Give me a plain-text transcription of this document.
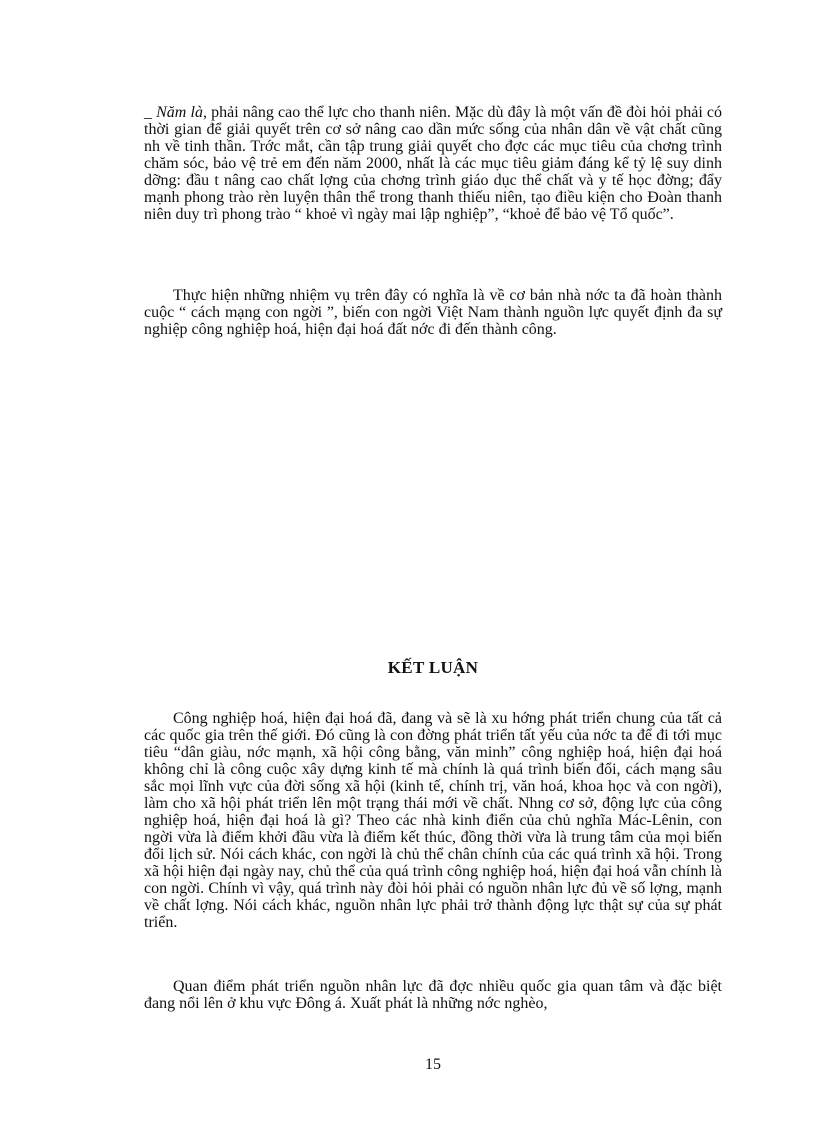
_ Năm là, phải nâng cao thể lực cho thanh niên. Mặc dù đây là một vấn đề đòi hỏi phải có thời gian để giải quyết trên cơ sở nâng cao dần mức sống của nhân dân về vật chất cũng nh về tinh thần. Trớc mắt, cần tập trung giải quyết cho đợc các mục tiêu của chơng trình chăm sóc, bảo vệ trẻ em đến năm 2000, nhất là các mục tiêu giảm đáng kể tỷ lệ suy dinh dỡng: đầu t nâng cao chất lợng của chơng trình giáo dục thể chất và y tế học đờng; đẩy mạnh phong trào rèn luyện thân thể trong thanh thiếu niên, tạo điều kiện cho Đoàn thanh niên duy trì phong trào “ khoẻ vì ngày mai lập nghiệp”, “khoẻ để bảo vệ Tổ quốc”.

Thực hiện những nhiệm vụ trên đây có nghĩa là về cơ bản nhà nớc ta đã hoàn thành cuộc “ cách mạng con ngời ”, biến con ngời Việt Nam thành nguồn lực quyết định đa sự nghiệp công nghiệp hoá, hiện đại hoá đất nớc đi đến thành công.

KẾT LUẬN

Công nghiệp hoá, hiện đại hoá đã, đang và sẽ là xu hớng phát triển chung của tất cả các quốc gia trên thế giới. Đó cũng là con đờng phát triển tất yếu của nớc ta để đi tới mục tiêu “dân giàu, nớc mạnh, xã hội công bằng, văn minh” công nghiệp hoá, hiện đại hoá không chỉ là công cuộc xây dựng kinh tế mà chính là quá trình biến đổi, cách mạng sâu sắc mọi lĩnh vực của đời sống xã hội (kinh tế, chính trị, văn hoá, khoa học và con ngời), làm cho xã hội phát triển lên một trạng thái mới về chất. Nhng cơ sở, động lực của công nghiệp hoá, hiện đại hoá là gì? Theo các nhà kinh điển của chủ nghĩa Mác-Lênin, con ngời vừa là điểm khởi đầu vừa là điểm kết thúc, đồng thời vừa là trung tâm của mọi biến đổi lịch sử. Nói cách khác, con ngời là chủ thể chân chính của các quá trình xã hội. Trong xã hội hiện đại ngày nay, chủ thể của quá trình công nghiệp hoá, hiện đại hoá vẫn chính là con ngời. Chính vì vậy, quá trình này đòi hỏi phải có nguồn nhân lực đủ về số lợng, mạnh về chất lợng. Nói cách khác, nguồn nhân lực phải trở thành động lực thật sự của sự phát triển.

Quan điểm phát triển nguồn nhân lực đã đợc nhiều quốc gia quan tâm và đặc biệt đang nổi lên ở khu vực Đông á. Xuất phát là những nớc nghèo,

15
